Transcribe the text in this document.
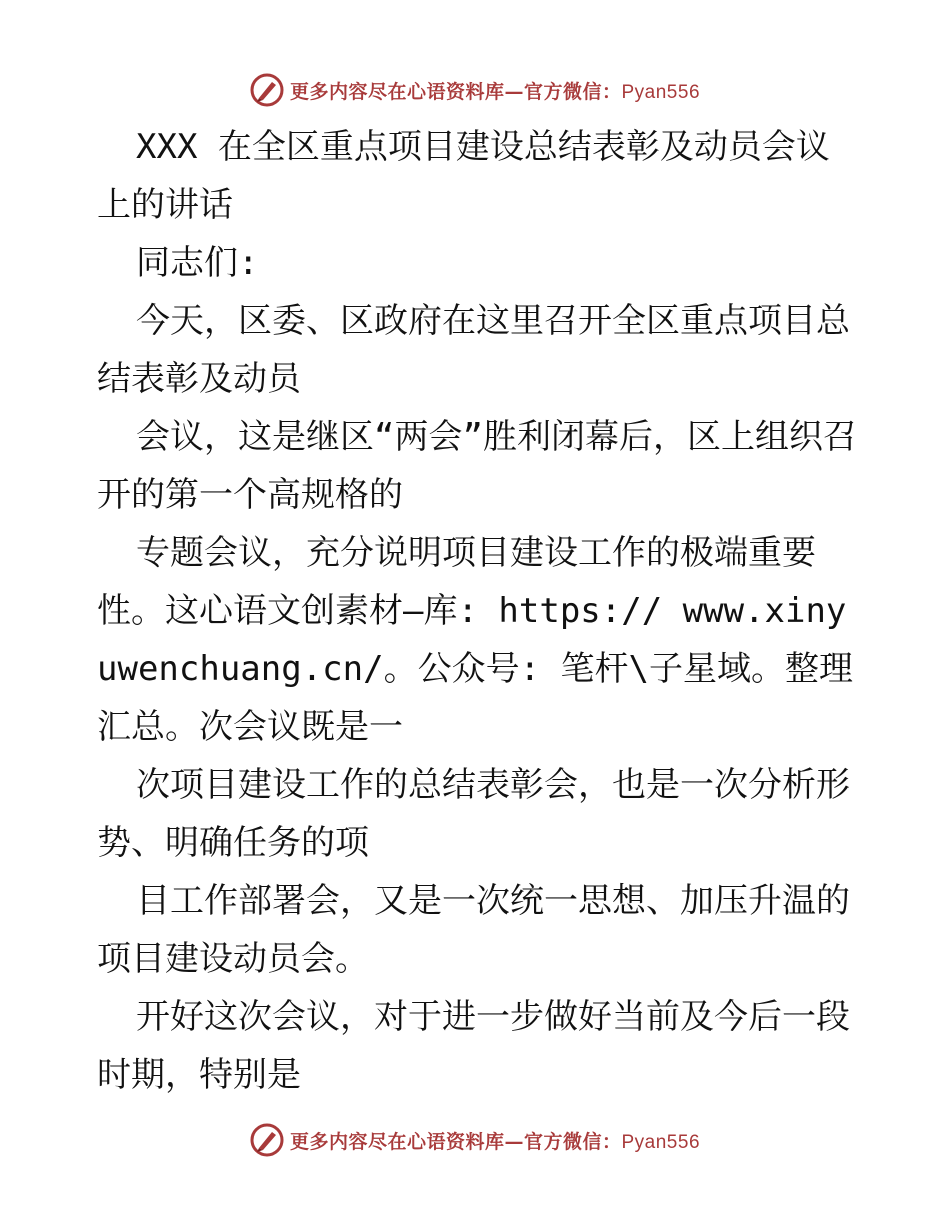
更多内容尽在心语资料库—官方微信：Pyan556

XXX 在全区重点项目建设总结表彰及动员会议上的讲话

同志们:

今天，区委、区政府在这里召开全区重点项目总结表彰及动员

会议，这是继区“两会”胜利闭幕后，区上组织召开的第一个高规格的

专题会议，充分说明项目建设工作的极端重要性。这心语文创素材—库: https:// www.xinyuwenchuang.cn/。公众号: 笔杆\子星域。整理汇总。次会议既是一

次项目建设工作的总结表彰会，也是一次分析形势、明确任务的项

目工作部署会，又是一次统一思想、加压升温的项目建设动员会。

开好这次会议，对于进一步做好当前及今后一段时期，特别是

更多内容尽在心语资料库—官方微信：Pyan556
